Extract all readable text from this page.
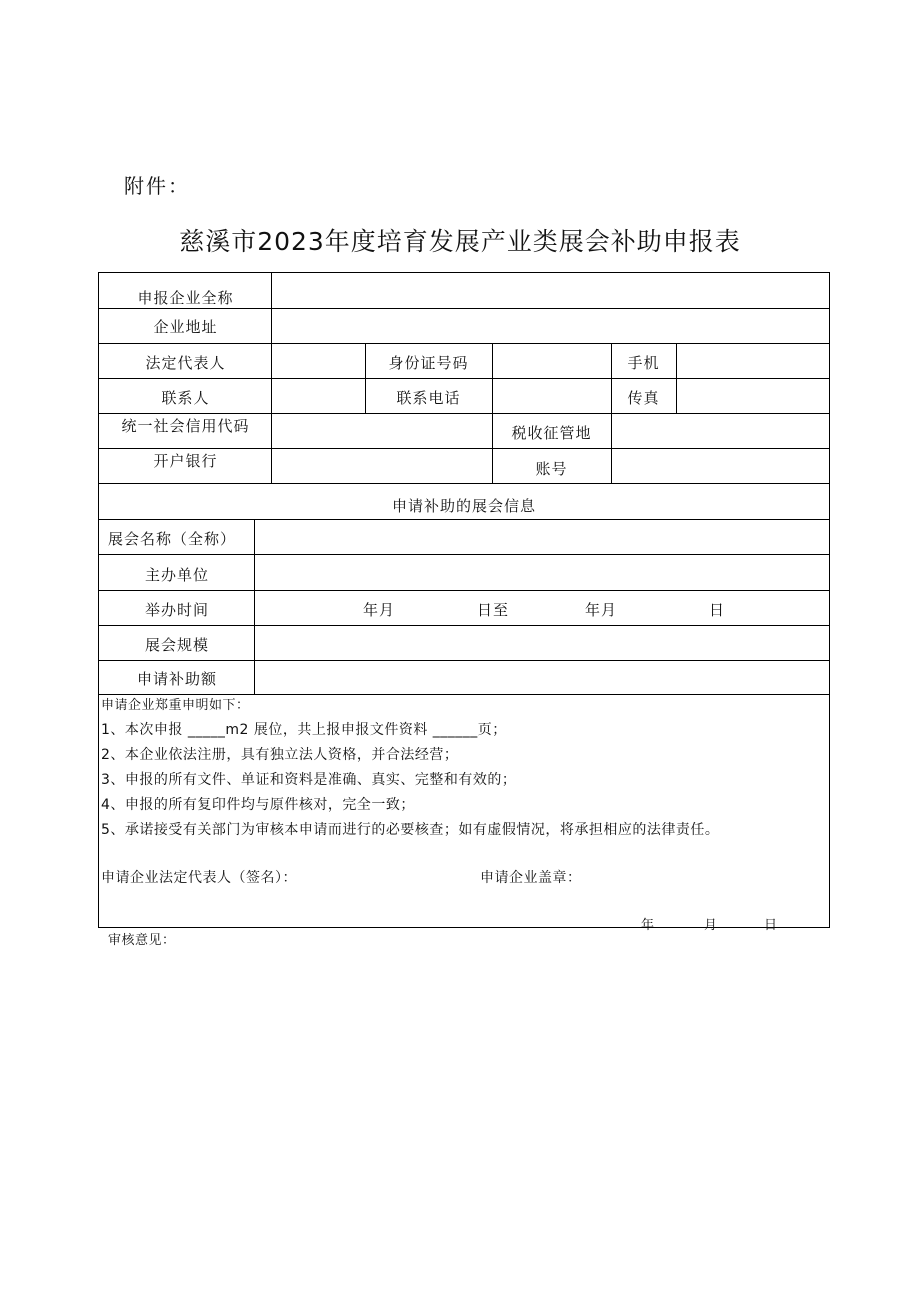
附件：
慈溪市2023年度培育发展产业类展会补助申报表
申报企业全称
企业地址
法定代表人	身份证号码	手机
联系人	联系电话	传真
统一社会信用代码	税收征管地
开户银行	账号
申请补助的展会信息
展会名称（全称）
主办单位
举办时间	年月	日至	年月	日
展会规模
申请补助额
申请企业郑重申明如下：
1、本次申报 _____m2 展位，共上报申报文件资料 ______页；
2、本企业依法注册，具有独立法人资格，并合法经营；
3、申报的所有文件、单证和资料是准确、真实、完整和有效的；
4、申报的所有复印件均与原件核对，完全一致；
5、承诺接受有关部门为审核本申请而进行的必要核查；如有虚假情况，将承担相应的法律责任。
申请企业法定代表人（签名）：	申请企业盖章：
年	月	日
审核意见：
